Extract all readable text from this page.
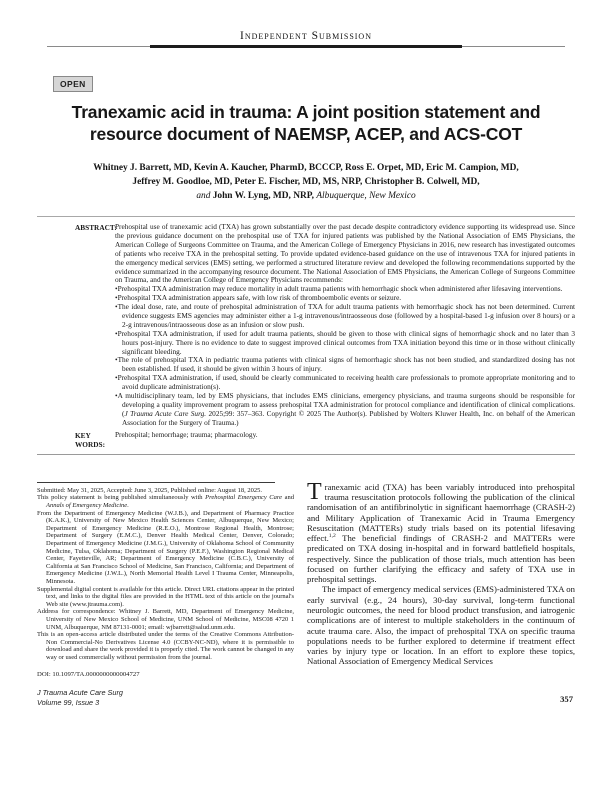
Independent Submission
OPEN
Tranexamic acid in trauma: A joint position statement and resource document of NAEMSP, ACEP, and ACS-COT
Whitney J. Barrett, MD, Kevin A. Kaucher, PharmD, BCCCP, Ross E. Orpet, MD, Eric M. Campion, MD,
Jeffrey M. Goodloe, MD, Peter E. Fischer, MD, MS, NRP, Christopher B. Colwell, MD,
and John W. Lyng, MD, NRP, Albuquerque, New Mexico
ABSTRACT:

Prehospital use of tranexamic acid (TXA) has grown substantially over the past decade despite contradictory evidence supporting its widespread use. Since the previous guidance document on the prehospital use of TXA for injured patients was published by the National Association of EMS Physicians, the American College of Surgeons Committee on Trauma, and the American College of Emergency Physicians in 2016, new research has investigated outcomes of patients who receive TXA in the prehospital setting. To provide updated evidence-based guidance on the use of intravenous TXA for injured patients in the emergency medical services (EMS) setting, we performed a structured literature review and developed the following recommendations supported by the evidence summarized in the accompanying resource document. The National Association of EMS Physicians, the American College of Surgeons Committee on Trauma, and the American College of Emergency Physicians recommends:

• Prehospital TXA administration may reduce mortality in adult trauma patients with hemorrhagic shock when administered after lifesaving interventions.
• Prehospital TXA administration appears safe, with low risk of thromboembolic events or seizure.
• The ideal dose, rate, and route of prehospital administration of TXA for adult trauma patients with hemorrhagic shock has not been determined. Current evidence suggests EMS agencies may administer either a 1-g intravenous/intraosseous dose (followed by a hospital-based 1-g infusion over 8 hours) or a 2-g intravenous/intraosseous dose as an infusion or slow push.
• Prehospital TXA administration, if used for adult trauma patients, should be given to those with clinical signs of hemorrhagic shock and no later than 3 hours post-injury. There is no evidence to date to suggest improved clinical outcomes from TXA initiation beyond this time or in those without clinically significant bleeding.
• The role of prehospital TXA in pediatric trauma patients with clinical signs of hemorrhagic shock has not been studied, and standardized dosing has not been established. If used, it should be given within 3 hours of injury.
• Prehospital TXA administration, if used, should be clearly communicated to receiving health care professionals to promote appropriate monitoring and to avoid duplicate administration(s).
• A multidisciplinary team, led by EMS physicians, that includes EMS clinicians, emergency physicians, and trauma surgeons should be responsible for developing a quality improvement program to assess prehospital TXA administration for protocol compliance and identification of clinical complications. (J Trauma Acute Care Surg. 2025;99: 357–363. Copyright © 2025 The Author(s). Published by Wolters Kluwer Health, Inc. on behalf of the American Association for the Surgery of Trauma.)
KEY WORDS:
Prehospital; hemorrhage; trauma; pharmacology.

Submitted: May 31, 2025, Accepted: June 3, 2025, Published online: August 18, 2025.

This policy statement is being published simultaneously with Prehospital Emergency Care and Annals of Emergency Medicine.

From the Department of Emergency Medicine (W.J.B.), and Department of Pharmacy Practice (K.A.K.), University of New Mexico Health Sciences Center, Albuquerque, New Mexico; Department of Emergency Medicine (R.E.O.), Montrose Regional Health, Montrose; Department of Surgery (E.M.C.), Denver Health Medical Center, Denver, Colorado; Department of Emergency Medicine (J.M.G.), University of Oklahoma School of Community Medicine, Tulsa, Oklahoma; Department of Surgery (P.E.F.), Washington Regional Medical Center, Fayetteville, AR; Department of Emergency Medicine (C.B.C.), University of California at San Francisco School of Medicine, San Francisco, California; and Department of Emergency Medicine (J.W.L.), North Memorial Health Level I Trauma Center, Minneapolis, Minnesota.

Supplemental digital content is available for this article. Direct URL citations appear in the printed text, and links to the digital files are provided in the HTML text of this article on the journal's Web site (www.jtrauma.com).

Address for correspondence: Whitney J. Barrett, MD, Department of Emergency Medicine, University of New Mexico School of Medicine, UNM School of Medicine, MSC08 4720 1 UNM, Albuquerque, NM 87131-0001; email: wjbarrett@salud.unm.edu.

This is an open-access article distributed under the terms of the Creative Commons Attribution-Non Commercial-No Derivatives License 4.0 (CCBY-NC-ND), where it is permissible to download and share the work provided it is properly cited. The work cannot be changed in any way or used commercially without permission from the journal.

DOI: 10.1097/TA.0000000000004727

J Trauma Acute Care Surg
Volume 99, Issue 3

Tranexamic acid (TXA) has been variably introduced into prehospital trauma resuscitation protocols following the publication of the clinical randomisation of an antifibrinolytic in significant haemorrhage (CRASH-2) and Military Application of Tranexamic Acid in Trauma Emergency Resuscitation (MATTERs) study trials based on its potential lifesaving effect.$^{1,2}$ The beneficial findings of CRASH-2 and MATTERs were predicated on TXA dosing in-hospital and in forward battlefield hospitals, respectively. Since the publication of those trials, much attention has been focused on further clarifying the efficacy and safety of TXA use in prehospital settings.

The impact of emergency medical services (EMS)-administered TXA on early survival (e.g., 24 hours), 30-day survival, long-term functional neurologic outcomes, the need for blood product transfusion, and iatrogenic complications are of interest to multiple stakeholders in the continuum of acute trauma care. Also, the impact of prehospital TXA on specific trauma populations needs to be further explored to determine if treatment effect varies by injury type or location. In an effort to explore these topics, National Association of Emergency Medical Services

357
